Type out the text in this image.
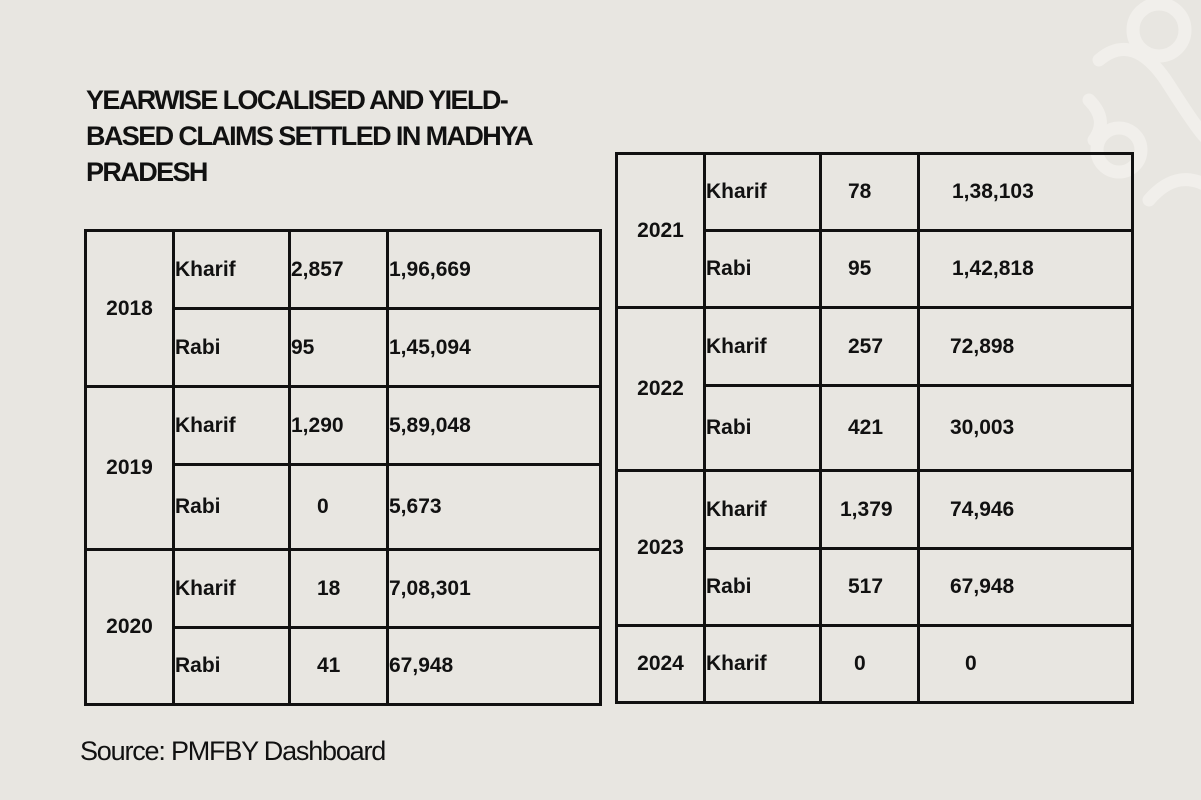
YEARWISE LOCALISED AND YIELD-
BASED CLAIMS SETTLED IN MADHYA
PRADESH
2018	Kharif	2,857	1,96,669
	Rabi	95	1,45,094
2019	Kharif	1,290	5,89,048
	Rabi	0	5,673
2020	Kharif	18	7,08,301
	Rabi	41	67,948
2021	Kharif	78	1,38,103
	Rabi	95	1,42,818
2022	Kharif	257	72,898
	Rabi	421	30,003
2023	Kharif	1,379	74,946
	Rabi	517	67,948
2024	Kharif	0	0
Source: PMFBY Dashboard
